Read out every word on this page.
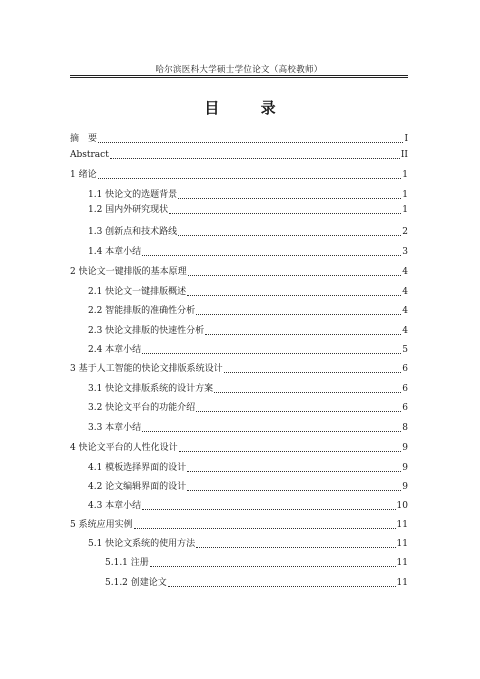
哈尔滨医科大学硕士学位论文（高校教师）
目 录
摘　要	I
Abstract	II
1 绪论	1
1.1 快论文的选题背景	1
1.2 国内外研究现状	1
1.3 创新点和技术路线	2
1.4 本章小结	3
2 快论文一键排版的基本原理	4
2.1 快论文一键排版概述	4
2.2 智能排版的准确性分析	4
2.3 快论文排版的快速性分析	4
2.4 本章小结	5
3 基于人工智能的快论文排版系统设计	6
3.1 快论文排版系统的设计方案	6
3.2 快论文平台的功能介绍	6
3.3 本章小结	8
4 快论文平台的人性化设计	9
4.1 模板选择界面的设计	9
4.2 论文编辑界面的设计	9
4.3 本章小结	10
5 系统应用实例	11
5.1 快论文系统的使用方法	11
5.1.1 注册	11
5.1.2 创建论文	11
